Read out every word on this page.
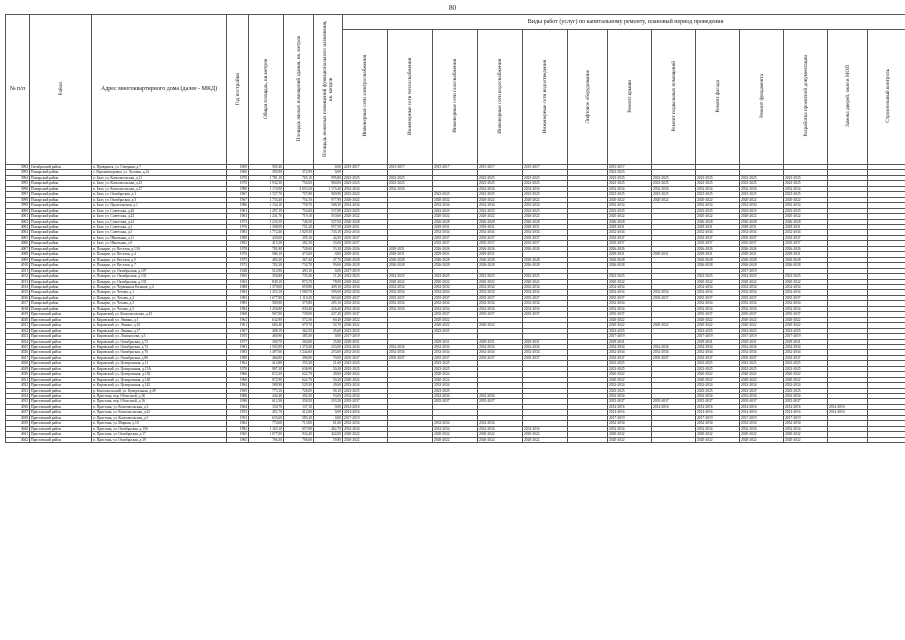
80
№ п/п	Район	Адрес многоквартирного дома (далее - МКД)	Год постройки	Общая площадь, кв.метров	Площадь жилых помещений здания, кв. метров	Площадь нежилых помещений функционального назначения, кв. метров	Виды работ (услуг) по капитальному ремонту, плановый период проведения												
							Инженерные сети электроснабжения	Инженерные сети теплоснабжения	Инженерные сети газоснабжения	Инженерные сети водоснабжения	Инженерные сети водоотведения	Лифтовое оборудование	Ремонт крыши	Ремонт подвальных помещений	Ремонт фасада	Ремонт фундамента	Разработка проектной документации	Замена дверей, окон в МОП	Строительный контроль
3992	Октябрьский район	п. Правдинск, ул. Северная, д.7	1969	505,30		0,00	2015-2017	2015-2017	2015-2017	2015-2017	2015-2017		2015-2017						
3993	Пожарский район	с. Верхнепокровка, ул. Луговая, д.24	1960	395,90	372,90	0,00							2023-2023						
3994	Пожарский район	п. Бахт, ул. Комсомольская, д.21	1970	1 781,10	765,10	995,80	2023-2025	2023-2025		2023-2025	2023-2025		2023-2025	2023-2025	2023-2025	2023-2025	2023-2025		
3995	Пожарский район	п. Бахт, ул. Комсомольская, д.23	1970	1 932,50	754,00	984,00	2023-2023	2023-2023		2023-2025	2023-2025		2023-2025	2023-2025	2023-2025	2023-2025	2023-2025		
3996	Пожарский район	п. Бахт, ул. Комсомольская, д.27	1980	1 174,90	2 053,50	1 174,40	2032-2034	2032-2034		2032-2034	2032-2034		2032-2034	2032-2034	2032-2034	2032-2034	2032-2034		
3997	Пожарский район	п. Бахт, ул. Октябрьская, д.1	1967	1 727,70	757,80	969,90	2023-2025		2023-2025	2023-2025	2023-2025		2023-2025	2023-2025	2023-2025	2023-2025	2023-2025		
3998	Пожарский район	п. Бахт, ул. Октябрьская, д.3	1967	1 733,40	754,10	977,90	2020-2022		2020-2022	2020-2022	2020-2022		2020-2022	2020-2022	2020-2022	2020-2022	2020-2022		
3999	Пожарский район	п. Бахт, ул. Пролетарская, д.1	1986	1 134,10	758,70	568,30	2032-2034		2032-2034	2032-2034	2032-2034		2032-2034		2032-2034	2032-2034	2032-2034		
4000	Пожарский район	п. Бахт, ул. Советская, д.20	1963	1 297,10	754,60	537,80	2023-2025		2023-2025	2023-2025	2023-2025		2023-2025		2023-2025	2023-2025	2023-2025		
4001	Пожарский район	п. Бахт, ул. Советская, д.22	1963	1 241,70	719,10	510,60	2020-2022		2020-2022	2020-2022	2020-2022		2020-2022		2020-2022	2020-2022	2020-2022		
4002	Пожарский район	п. Бахт, ул. Советская, д.24	1973	1 233,50	746,50	527,00	2026-2028		2026-2028	2026-2028	2026-2028		2026-2028		2026-2028	2026-2028	2026-2028		
4003	Пожарский район	п. Бахт, ул. Советская, д.1	1976	1 308,00	751,20	557,50	2029-2031		2029-2031	2029-2031	2029-2031		2029-2031		2029-2031	2029-2031	2029-2031		
4004	Пожарский район	п. Бахт, ул. Советская, д.5	1983	1 772,40	1 029,30	743,10	2032-2034		2032-2034	2032-2034	2032-2034		2032-2034		2032-2034	2032-2034	2032-2034		
4005	Пожарский район	п. Бахт, ул. Школьная, д.11	1990	439,60	395,10	44,50	2035-2037		2035-2037	2035-2037	2035-2037		2035-2037		2035-2037	2035-2037	2035-2037		
4006	Пожарский район	п. Бахт, ул. Школьная, д.9	1992	415,30	382,30	33,00	2035-2037		2035-2037	2035-2037	2035-2037		2035-2037		2035-2037	2035-2037	2035-2037		
4007	Пожарский район	п. Пожарье, ул. Веселая, д.13А	1978	781,80	728,60	53,10	2026-2026	2029-2031	2026-2026	2026-2026	2026-2026		2026-2026		2026-2026	2026-2026	2026-2026		
4008	Пожарский район	п. Пожарье, ул. Веселая, д.4	1976	586,10	473,00	0,00	2029-2031	2029-2031	2029-2031	2029-2031			2029-2031	2029-2031	2029-2031	2029-2031	2029-2031		
4009	Пожарский район	п. Пожарье, ул. Веселая, д.5	1975	485,20	367,40	47,70	2026-2028	2026-2028	2026-2028	2026-2028	2026-2028		2026-2028		2026-2028	2026-2028	2026-2028		
4010	Пожарский район	п. Пожарье, ул. Веселая, д.7	1973	782,30	732,70	59,60	2026-2028	2026-2028	2026-2028	2026-2028	2026-2028		2026-2028		2026-2028	2026-2028	2026-2028		
4011	Пожарский район	п. Пожарье, ул. Октябрьская, д.107	1948	514,90	493,10	0,00	2017-2019									2017-2019			
4012	Пожарский район	п. Пожарье, ул. Октябрьская, д.133	1963	356,80	735,40	11,20	2023-2025	2023-2025	2023-2025	2023-2025	2023-2025		2023-2025		2023-2025	2023-2025	2023-2025		
4013	Пожарский район	п. Пожарье, ул. Октябрьская, д.135	1963	849,10	873,70	78,00	2020-2022	2020-2022	2020-2022	2020-2022	2020-2022		2020-2022		2020-2022	2020-2022	2020-2022		
4014	Пожарский район	п. Пожарье, ул. Червонных Казаков, д.4	1988	1 370,00	659,80	409,10	2032-2034	2032-2034	2032-2034	2032-2034	2032-2034		2032-2034		2032-2034	2032-2034	2032-2034		
4015	Пожарский район	п. Пожарье, ул. Чехова, д.1	1984	1 253,10	1 980,70	505,00	2032-2034	2032-2034	2032-2034	2032-2034	2032-2034		2032-2034	2032-2034	2032-2034	2032-2034	2032-2034		
4016	Пожарский район	п. Пожарье, ул. Чехова, д.2	1983	1 677,80	1 110,20	563,60	2035-2037	2035-2037	2035-2037	2035-2037	2035-2037		2035-2037	2035-2037	2035-2037	2035-2037	2035-2037		
4017	Пожарский район	п. Пожарье, ул. Чехова, д.3	1985	580,90	375,80	205,10	2032-2034	2032-2034	2032-2034	2032-2034	2032-2034		2032-2034		2032-2034	2032-2034	2032-2034		
4018	Пожарский район	п. Пожарье, ул. Чехова, д.5	1984	1 256,80	830,40	426,40	2032-2034	2032-2034	2032-2034	2032-2034	2032-2034		2032-2034		2032-2034	2032-2034	2032-2034		
4019	Приставский район	р. Кировский, ул. Комсомольская, д.25	1968	967,90	739,90	227,20	2035-2037		2035-2037	2035-2037	2035-2037		2035-2037		2035-2037	2035-2037	2035-2037		
4020	Приставский район	п. Кировский, ул. Ленина, д.1	1962	632,90	572,50	60,40	2020-2022		2020-2022				2020-2022		2020-2022	2020-2022	2020-2022		
4021	Приставский район	п. Кировский, ул. Ленина, д.16	1961	684,40	679,70	54,70	2020-2022		2020-2022	2020-2022			2020-2022	2020-2022	2020-2022	2020-2022	2020-2022		
4022	Приставский район	п. Кировский, ул. Ленина, д.17	1967	408,10	362,50	45,60	2023-2025		2023-2025				2023-2025		2023-2025	2023-2025	2023-2025		
4023	Приставский район	п. Кировский, ул. Ломоносова, д.5	1955	460,90	385,30	0,00	2017-2019						2017-2019		2017-2019	2017-2019	2017-2019		
4024	Приставский район	п. Кировский, ул. Октябрьская, д.72	1977	390,70	304,80	25,80	2029-2031		2029-2031	2029-2031	2029-2031		2029-2031		2029-2031	2029-2031	2029-2031		
4025	Приставский район	п. Кировский, ул. Октябрьская, д.74	1983	1 503,90	1 270,40	233,00	2032-2034	2032-2034	2032-2034	2032-2034	2032-2034		2032-2034	2032-2034	2032-2034	2032-2034	2032-2034		
4026	Приставский район	п. Кировский, ул. Октябрьская, д.76	1983	1 497,60	1 244,60	253,00	2032-2034	2032-2034	2032-2034	2032-2034	2032-2034		2032-2034	2032-2034	2032-2034	2032-2034	2032-2034		
4027	Приставский район	п. Кировский, ул. Октябрьская, д.80	1990	466,80	396,80	70,00	2035-2037	2035-2037	2035-2037	2035-2037	2035-2037		2035-2037	2035-2037	2035-2037	2035-2037	2035-2037		
4028	Приставский район	п. Кировский, ул. Центральная, д.11	1962	414,80	355,20	21,60	2023-2025		2023-2025				2023-2025		2023-2025	2023-2025	2023-2025		
4029	Приставский район	п. Кировский, ул. Центральная, д.13А	1970	987,30	636,90	50,40	2023-2025		2023-2025				2023-2025		2023-2025	2023-2025	2023-2025		
4030	Приставский район	п. Кировский, ул. Центральная, д.13Б	1966	672,30	622,70	49,60	2020-2022		2020-2022				2020-2022		2020-2022	2020-2022	2020-2022		
4031	Приставский район	п. Кировский, ул. Центральная, д.140	1966	672,90	622,70	50,20	2020-2022		2020-2022				2020-2022		2020-2022	2020-2022	2020-2022		
4032	Приставский район	п. Кировский, ул. Центральная, д.142	1984	588,90	529,30	49,60	2032-2034		2032-2034				2032-2034		2032-2034	2032-2034	2032-2034		
4033	Приставский район	р. Комсомольский, ул. Центральная, д.49	1969	773,10	726,00	58,10	2023-2025		2023-2025				2023-2025		2023-2025	2023-2025	2023-2025		
4034	Приставский район	п. Пристань, пер. Областной, д.1Б	1986	444,40	392,30	53,00	2032-2034		2032-2034	2032-2034			2032-2034		2032-2034	2032-2034	2032-2034		
4035	Приставский район	п. Пристань, пер. Областной, д.16	1990	612,30	358,50	253,50	2035-2037		2035-2037	2035-2037			2035-2037	2035-2037	2035-2037	2035-2037	2035-2037		
4036	Приставский район	п. Пристань, ул. Комсомольская, д.3	1964	154,70	137,10	0,00	2014-2016						2014-2016	2014-2016	2014-2016	2014-2016	2014-2016	2014-2016	
4037	Приставский район	п. Пристань, ул. Комсомольская, д.42	1953	451,70	412,60	0,00	2014-2016						2014-2016		2014-2016	2014-2016	2014-2016	2014-2016	
4038	Приставский район	п. Пристань, ул. Комсомольская, д.5	1953	633,60	585,40	0,00	2017-2019						2017-2019		2017-2019	2017-2019	2017-2019		
4039	Приставский район	п. Пристань, ул. Мирная, д.16	1962	774,60	713,00	61,60	2032-2034		2032-2034	2032-2034			2032-2034		2032-2034	2032-2034	2032-2034		
4040	Приставский район	п. Пристань, ул. Октябрьская, д.156	1982	1 165,10	657,80	462,70	2032-2034		2032-2034	2032-2034	2032-2034		2032-2034		2032-2034	2032-2034	2032-2034		
4041	Приставский район	п. Пристань, ул. Октябрьская, д.17	1965	1 077,00	932,40	424,00	2020-2022		2020-2022	2020-2022	2020-2022		2020-2022		2020-2022	2020-2022	2020-2022		
4042	Приставский район	п. Пристань, ул. Октябрьская, д.19	1965	766,30	706,60	59,80	2020-2022		2020-2022	2020-2022	2020-2022		2020-2022		2020-2022	2020-2022	2020-2022		
